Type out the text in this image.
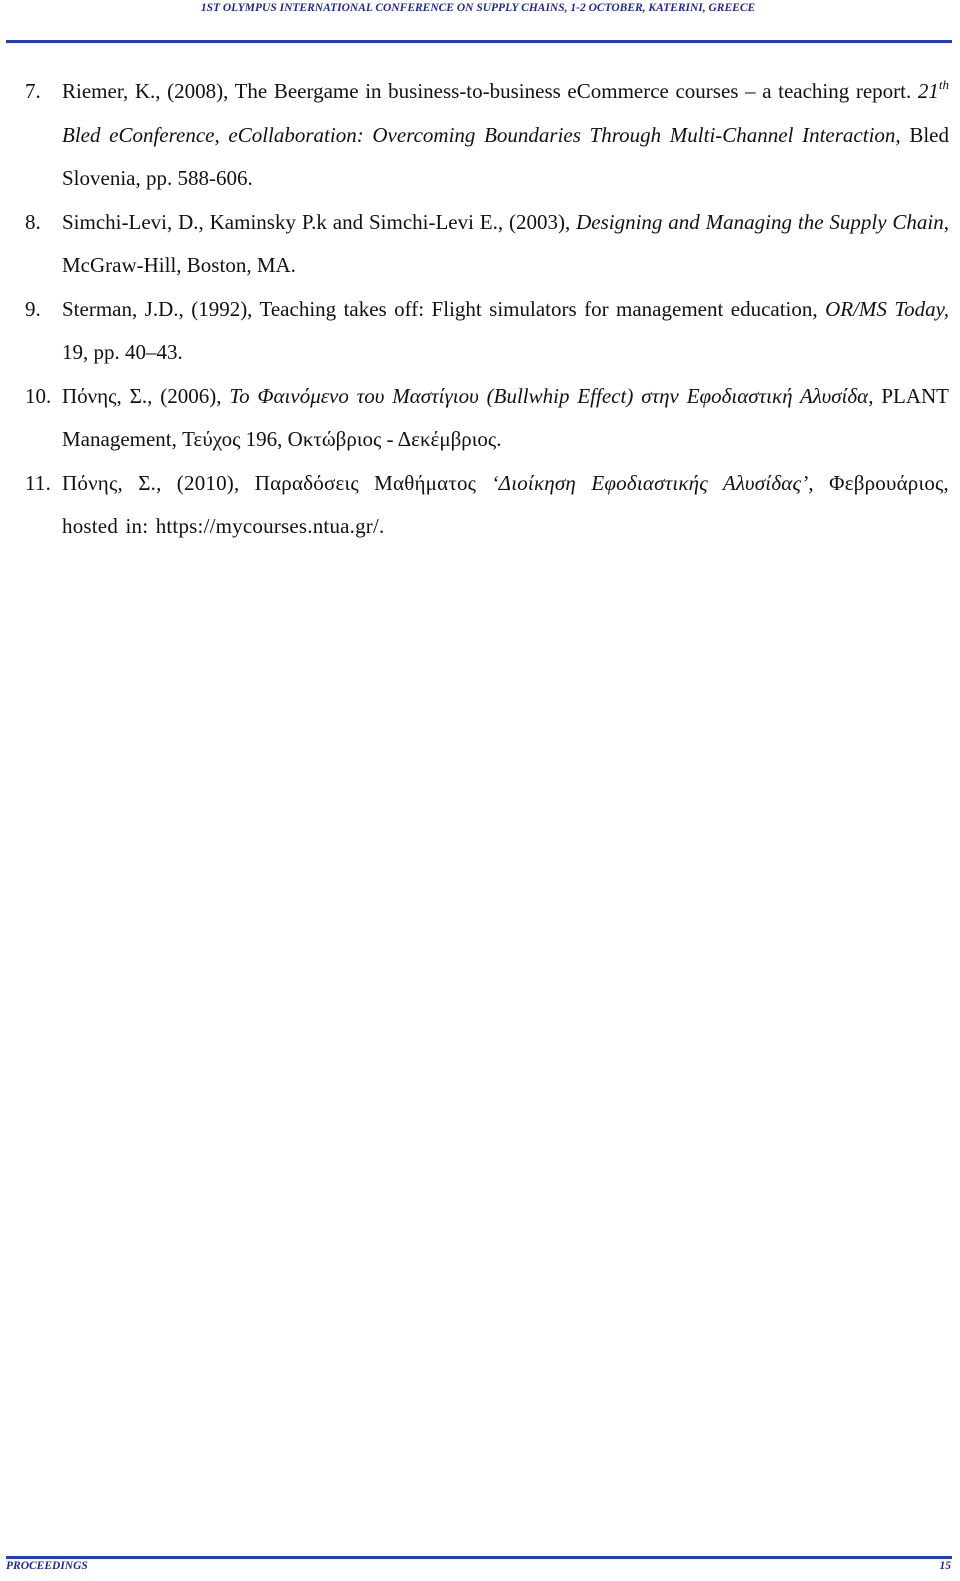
1ST OLYMPUS INTERNATIONAL CONFERENCE ON SUPPLY CHAINS, 1-2 OCTOBER, KATERINI, GREECE
7. Riemer, K., (2008), The Beergame in business-to-business eCommerce courses – a teaching report. 21th Bled eConference, eCollaboration: Overcoming Boundaries Through Multi-Channel Interaction, Bled Slovenia, pp. 588-606.
8. Simchi-Levi, D., Kaminsky P.k and Simchi-Levi E., (2003), Designing and Managing the Supply Chain, McGraw-Hill, Boston, MA.
9. Sterman, J.D., (1992), Teaching takes off: Flight simulators for management education, OR/MS Today, 19, pp. 40–43.
10. Πόνης, Σ., (2006), Το Φαινόμενο του Μαστίγιου (Bullwhip Effect) στην Εφοδιαστική Αλυσίδα, PLANT Management, Τεύχος 196, Οκτώβριος - Δεκέμβριος.
11. Πόνης, Σ., (2010), Παραδόσεις Μαθήματος ‘Διοίκηση Εφοδιαστικής Αλυσίδας’, Φεβρουάριος, hosted in: https://mycourses.ntua.gr/.
PROCEEDINGS	15
